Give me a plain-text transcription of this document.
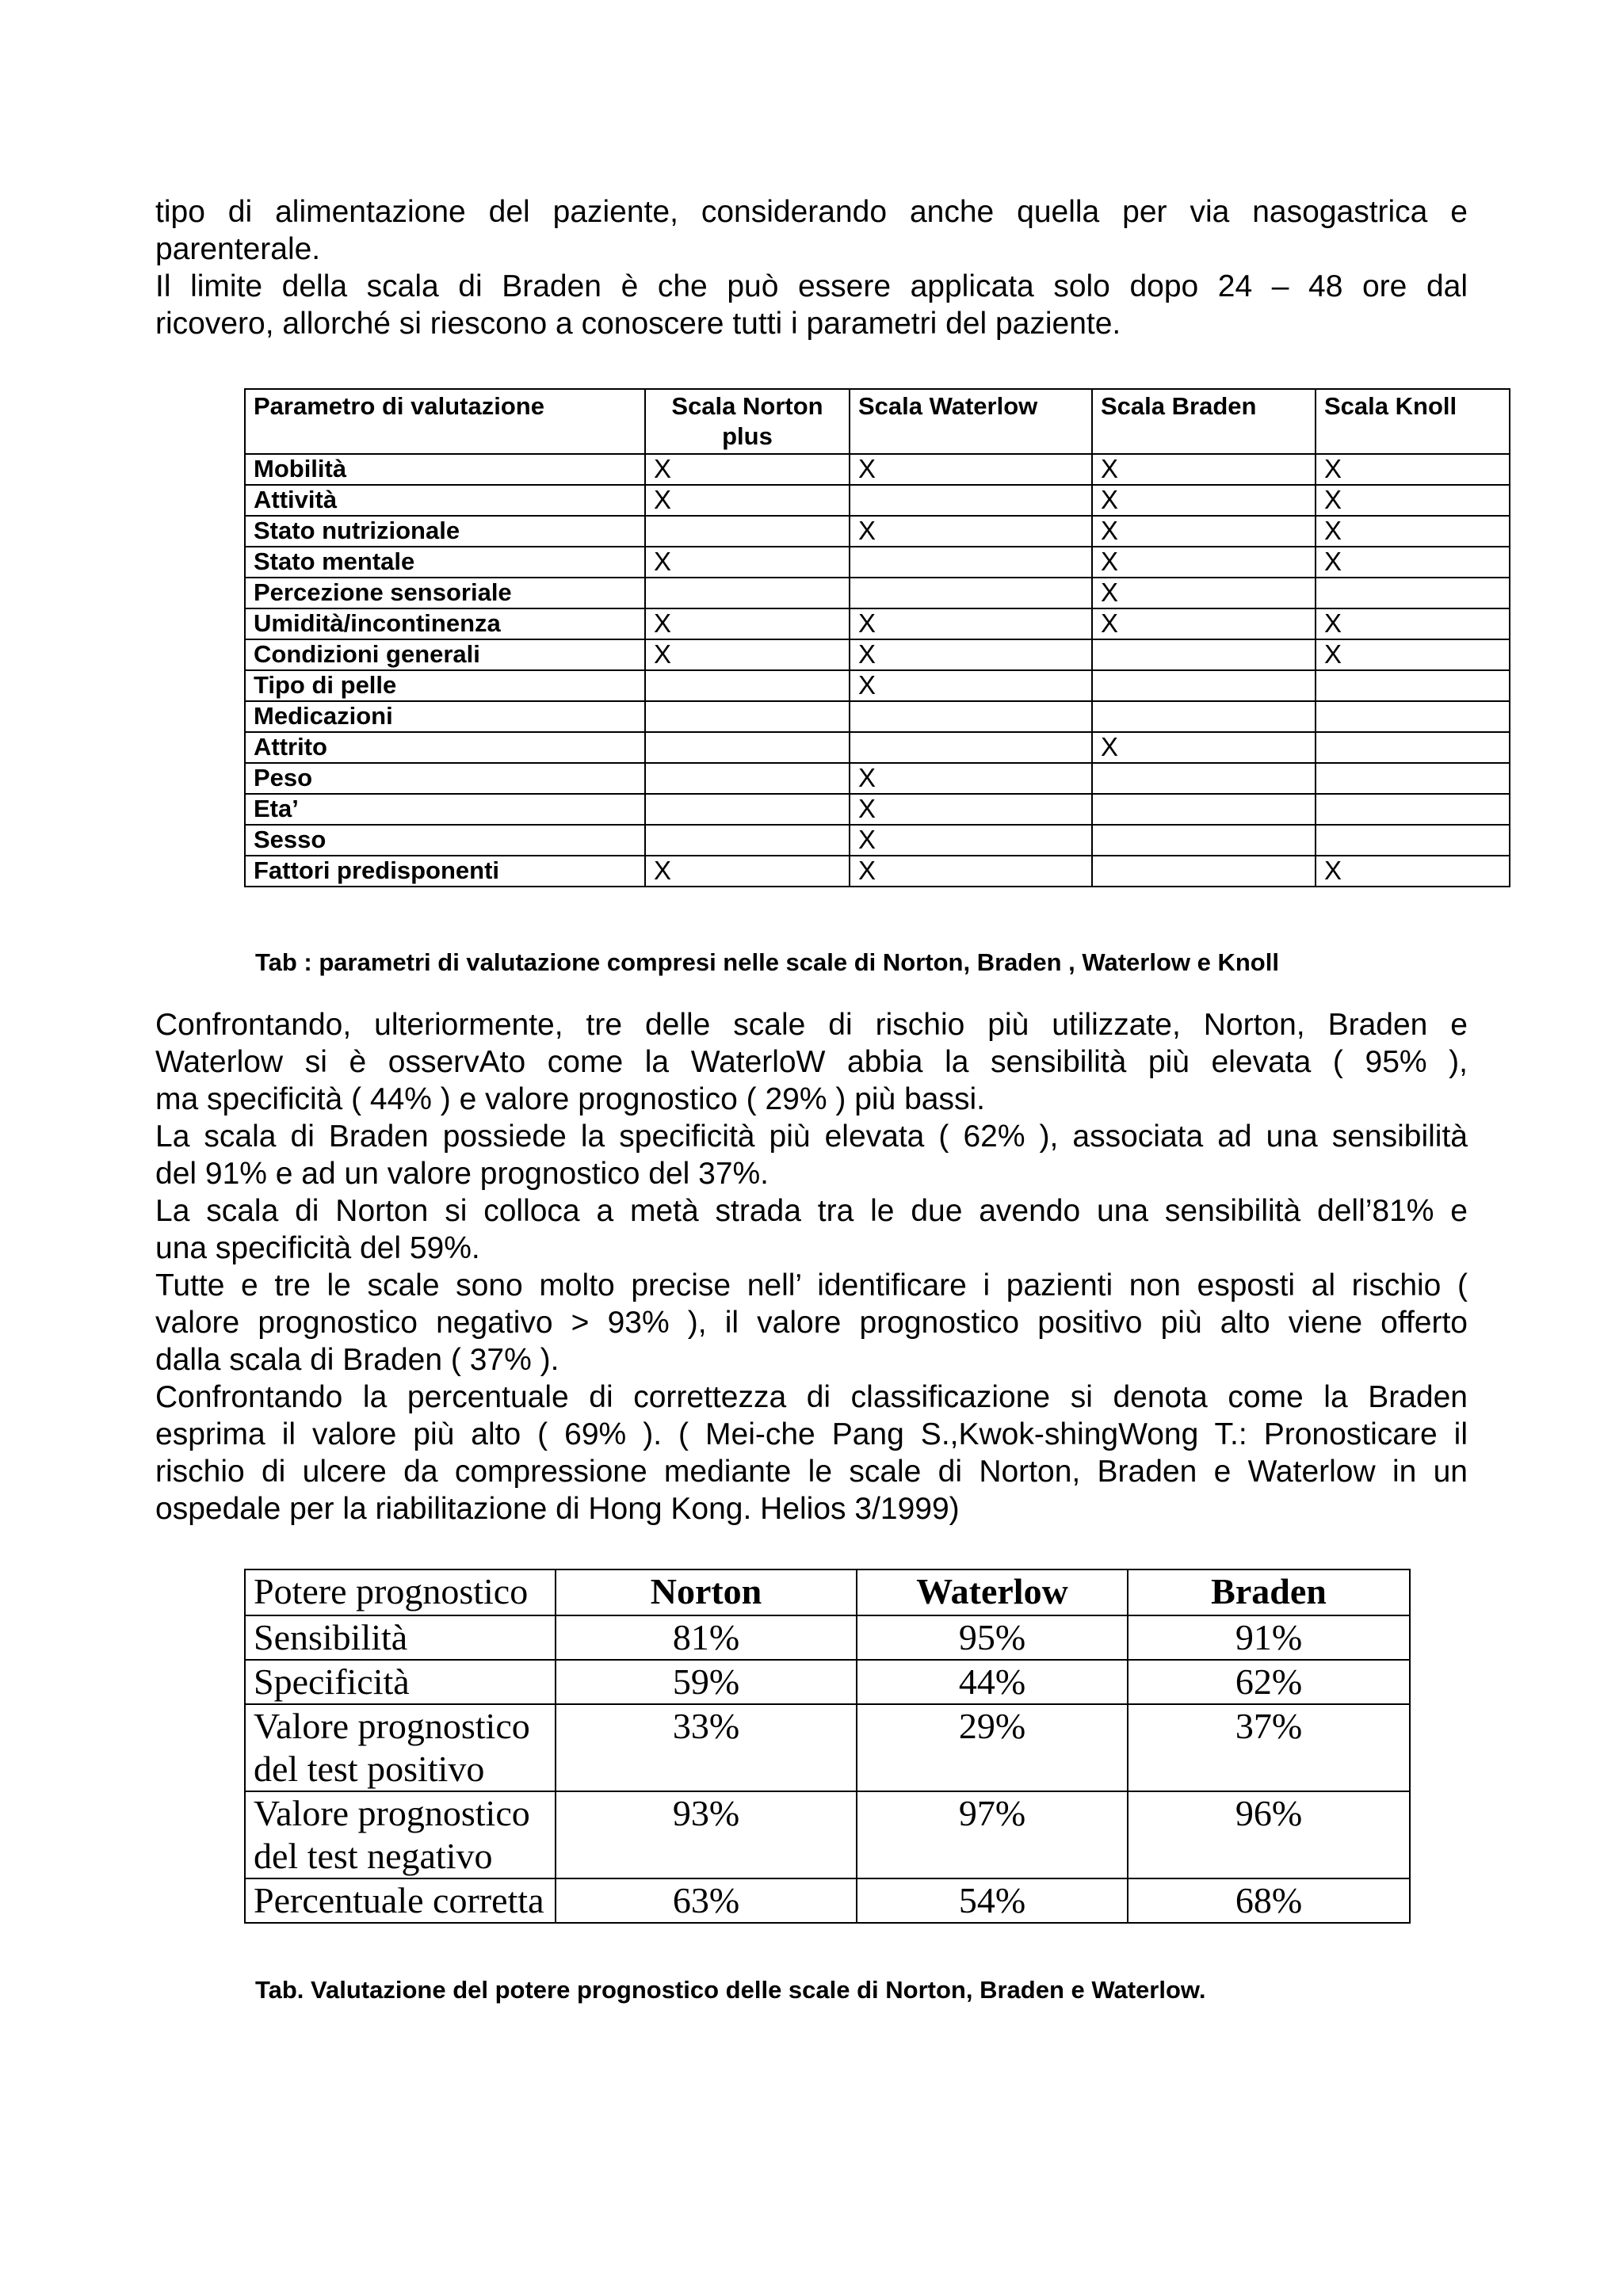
tipo di alimentazione del paziente, considerando anche quella per via nasogastrica e
parenterale.
Il limite della scala di Braden è che può essere applicata solo dopo 24 – 48 ore dal
ricovero, allorché si riescono a conoscere tutti i parametri del paziente.
Parametro di valutazione	Scala Norton plus	Scala Waterlow	Scala Braden	Scala Knoll
Mobilità	X	X	X	X
Attività	X		X	X
Stato nutrizionale		X	X	X
Stato mentale	X		X	X
Percezione sensoriale			X	
Umidità/incontinenza	X	X	X	X
Condizioni generali	X	X		X
Tipo di pelle		X		
Medicazioni				
Attrito			X	
Peso		X		
Eta’		X		
Sesso		X		
Fattori predisponenti	X	X		X
Tab : parametri di valutazione compresi nelle scale di Norton, Braden , Waterlow e Knoll
Confrontando, ulteriormente, tre delle scale di rischio più utilizzate, Norton, Braden e
Waterlow si è osservAto come la WaterloW abbia la sensibilità più elevata ( 95% ),
ma specificità ( 44% ) e valore prognostico ( 29% ) più bassi.
La scala di Braden possiede la specificità più elevata ( 62% ), associata ad una sensibilità
del 91% e ad un valore prognostico del 37%.
La scala di Norton si colloca a metà strada tra le due avendo una sensibilità dell’81% e
una specificità del 59%.
Tutte e tre le scale sono molto precise nell’ identificare i pazienti non esposti al rischio (
valore prognostico negativo > 93% ), il valore prognostico positivo più alto viene offerto
dalla scala di Braden ( 37% ).
Confrontando la percentuale di correttezza di classificazione si denota come la Braden
esprima il valore più alto ( 69% ). ( Mei-che Pang S.,Kwok-shingWong T.: Pronosticare il
rischio di ulcere da compressione mediante le scale di Norton, Braden e Waterlow in un
ospedale per la riabilitazione di Hong Kong. Helios 3/1999)
Potere prognostico	Norton	Waterlow	Braden
Sensibilità	81%	95%	91%
Specificità	59%	44%	62%
Valore prognostico del test positivo	33%	29%	37%
Valore prognostico del test negativo	93%	97%	96%
Percentuale corretta	63%	54%	68%
Tab. Valutazione del potere prognostico delle scale di Norton, Braden e Waterlow.
